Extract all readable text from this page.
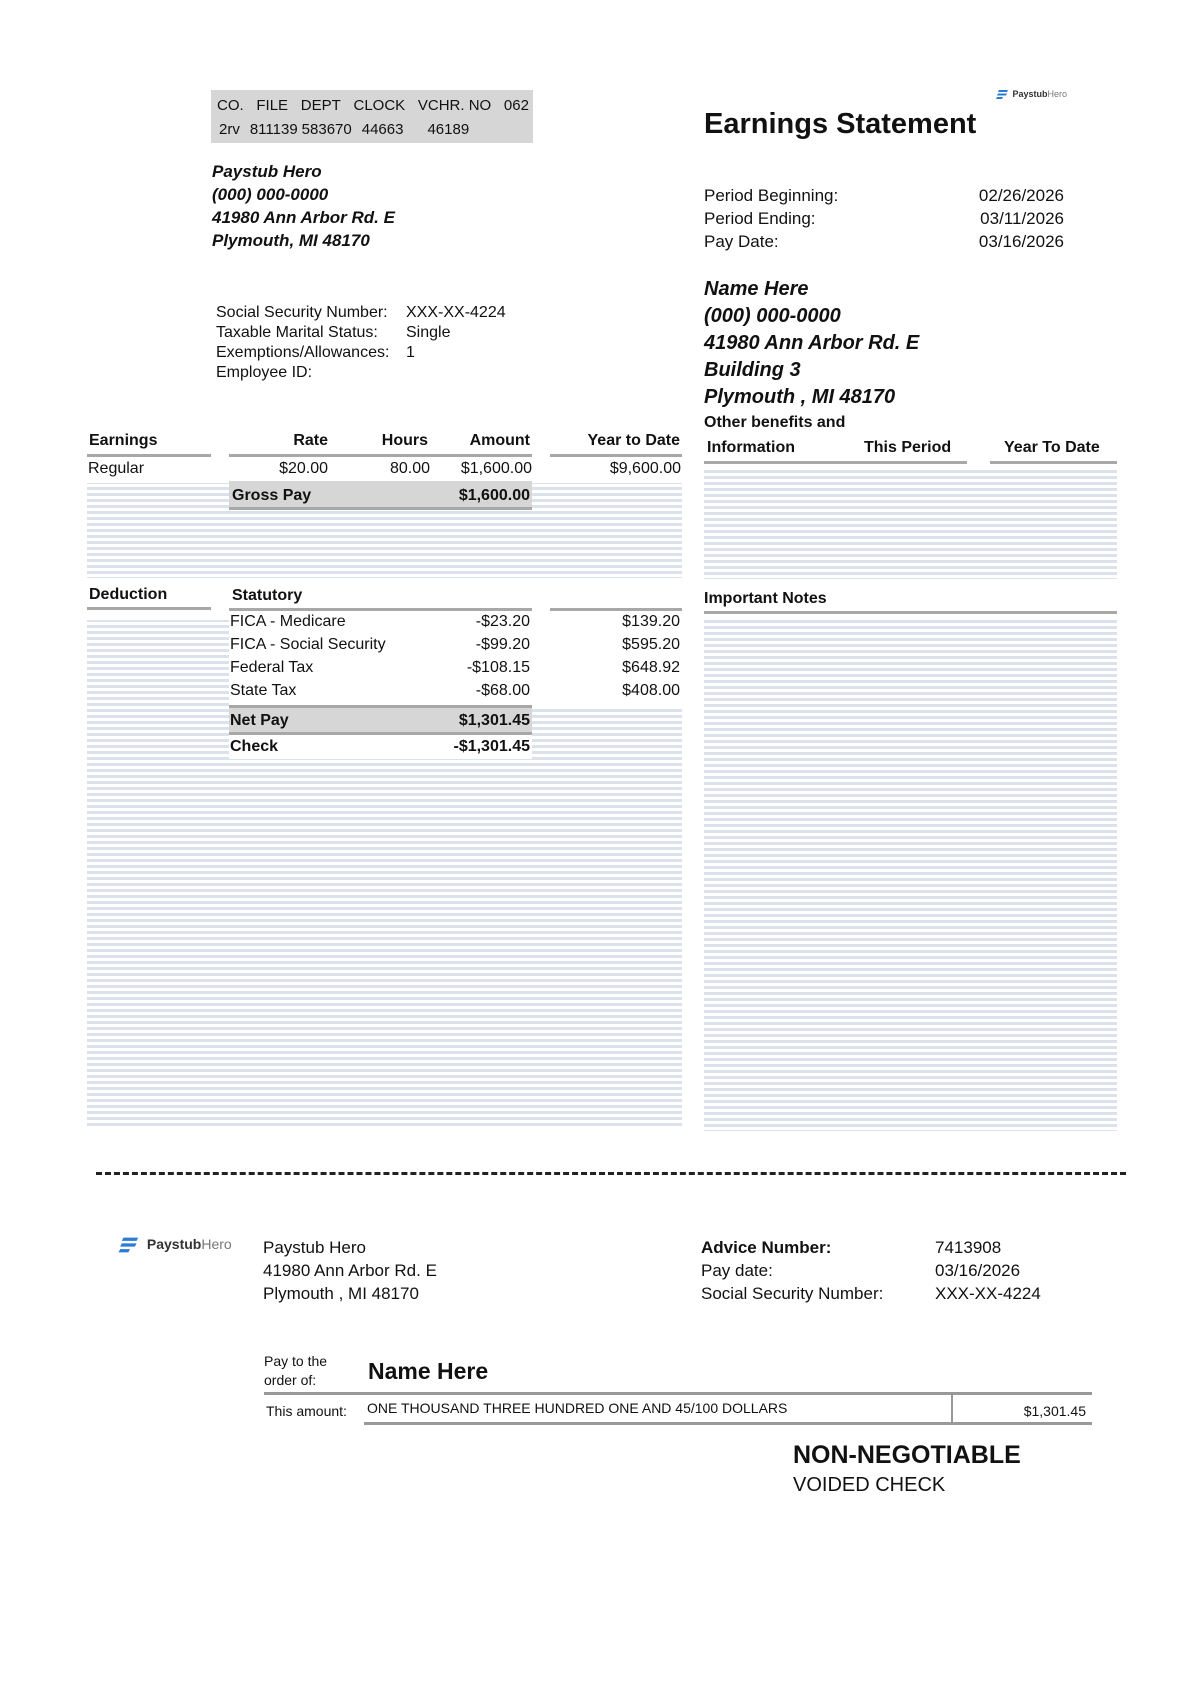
PaystubHero
CO. FILE DEPT CLOCK VCHR. NO 062
2rv 811139 583670 44663 46189	Earnings Statement
Paystub Hero
(000) 000-0000
41980 Ann Arbor Rd. E
Plymouth, MI 48170
Period Beginning:	02/26/2026
Period Ending:	03/11/2026
Pay Date:	03/16/2026
Social Security Number:	XXX-XX-4224
Taxable Marital Status:	Single
Exemptions/Allowances:	1
Employee ID:
Name Here
(000) 000-0000
41980 Ann Arbor Rd. E
Building 3
Plymouth , MI 48170
Earnings	Rate	Hours	Amount	Year to Date
Regular	$20.00	80.00	$1,600.00	$9,600.00
Gross Pay	$1,600.00
Deduction	Statutory
FICA - Medicare	-$23.20	$139.20
FICA - Social Security	-$99.20	$595.20
Federal Tax	-$108.15	$648.92
State Tax	-$68.00	$408.00
Net Pay	$1,301.45
Check	-$1,301.45
Other benefits and
Information	This Period	Year To Date
Important Notes
PaystubHero Paystub Hero
41980 Ann Arbor Rd. E
Plymouth , MI 48170
Advice Number:	7413908
Pay date:	03/16/2026
Social Security Number:	XXX-XX-4224
Pay to the
order of:	Name Here
This amount: ONE THOUSAND THREE HUNDRED ONE AND 45/100 DOLLARS	$1,301.45
NON-NEGOTIABLE
VOIDED CHECK
